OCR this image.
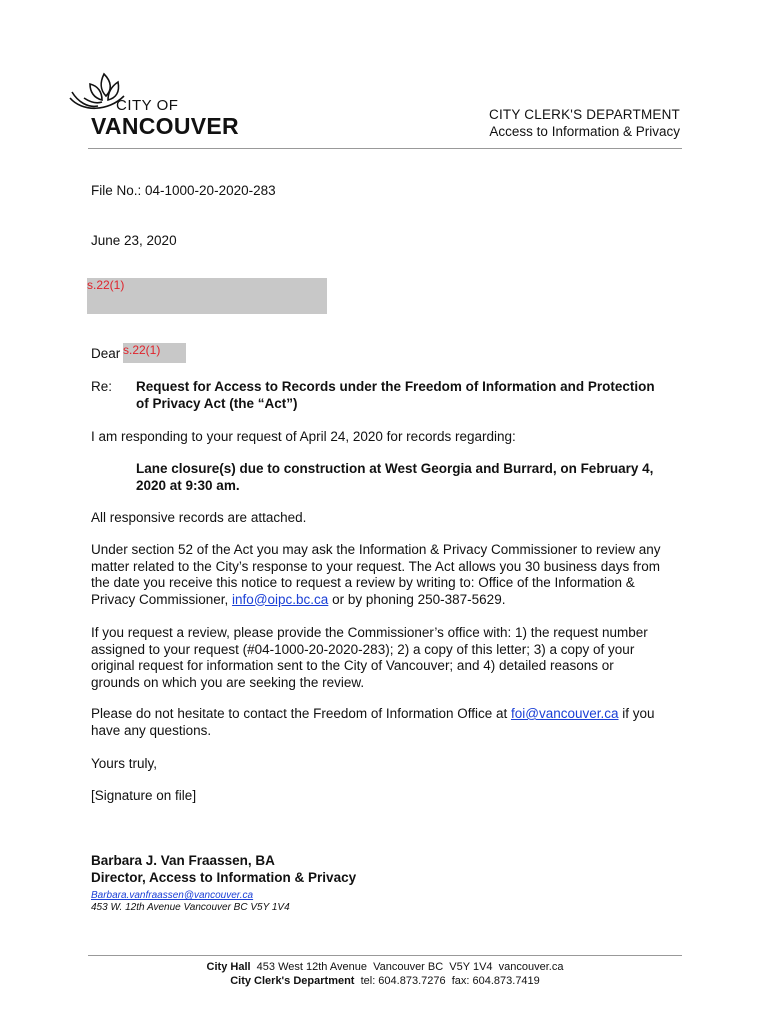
CITY OF
VANCOUVER	CITY CLERK'S DEPARTMENT
Access to Information & Privacy
File No.: 04-1000-20-2020-283
June 23, 2020
s.22(1)
Dear s.22(1)
Re: Request for Access to Records under the Freedom of Information and Protection
of Privacy Act (the “Act”)
I am responding to your request of April 24, 2020 for records regarding:
Lane closure(s) due to construction at West Georgia and Burrard, on February 4,
2020 at 9:30 am.
All responsive records are attached.
Under section 52 of the Act you may ask the Information & Privacy Commissioner to review any
matter related to the City’s response to your request. The Act allows you 30 business days from
the date you receive this notice to request a review by writing to: Office of the Information &
Privacy Commissioner, info@oipc.bc.ca or by phoning 250-387-5629.
If you request a review, please provide the Commissioner’s office with: 1) the request number
assigned to your request (#04-1000-20-2020-283); 2) a copy of this letter; 3) a copy of your
original request for information sent to the City of Vancouver; and 4) detailed reasons or
grounds on which you are seeking the review.
Please do not hesitate to contact the Freedom of Information Office at foi@vancouver.ca if you
have any questions.
Yours truly,
[Signature on file]
Barbara J. Van Fraassen, BA
Director, Access to Information & Privacy
Barbara.vanfraassen@vancouver.ca
453 W. 12th Avenue Vancouver BC V5Y 1V4
City Hall  453 West 12th Avenue  Vancouver BC  V5Y 1V4  vancouver.ca
City Clerk's Department  tel: 604.873.7276  fax: 604.873.7419
